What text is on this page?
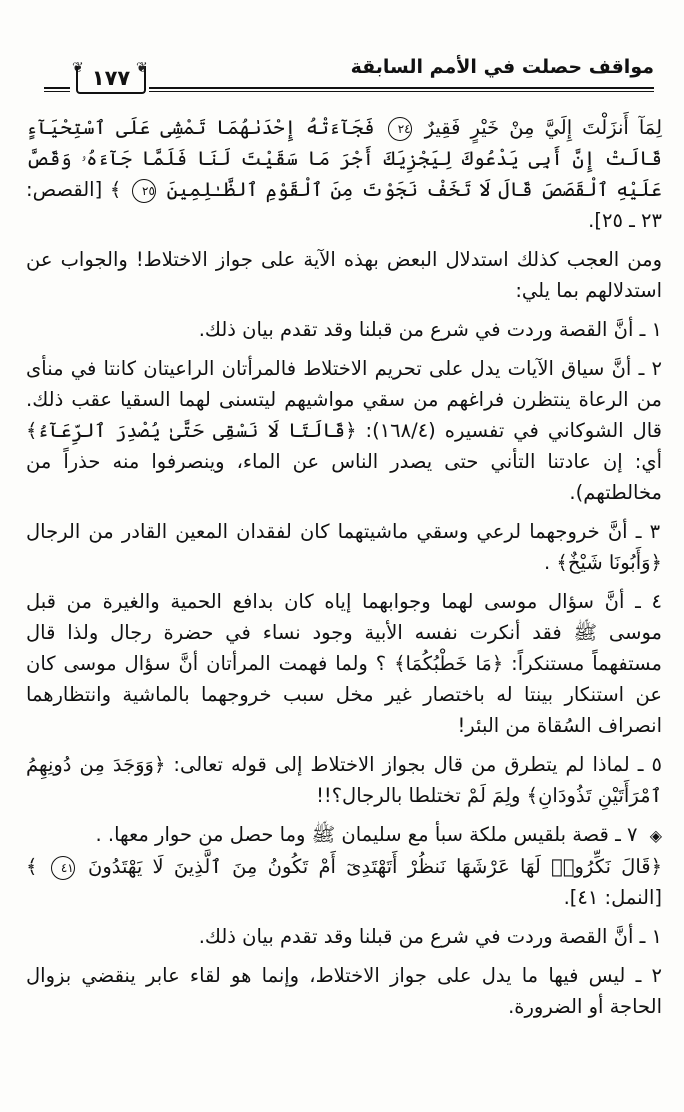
مواقف حصلت في الأمم السابقة
❦ ١٧٧ ❦

لِمَآ أَنزَلْتَ إِلَيَّ مِنْ خَيْرٍ فَقِيرٌ ٢٤ فَجَآءَتْهُ إِحْدَىٰهُمَا تَمْشِى عَلَى ٱسْتِحْيَآءٍ قَالَتْ إِنَّ أَبِى يَدْعُوكَ لِيَجْزِيَكَ أَجْرَ مَا سَقَيْتَ لَنَا فَلَمَّا جَآءَهُۥ وَقَصَّ عَلَيْهِ ٱلْقَصَصَ قَالَ لَا تَخَفْ نَجَوْتَ مِنَ ٱلْقَوْمِ ٱلظَّـٰلِمِينَ ٢٥ ﴾ [القصص: ٢٣ ـ ٢٥].

ومن العجب كذلك استدلال البعض بهذه الآية على جواز الاختلاط! والجواب عن استدلالهم بما يلي:

١ ـ أنَّ القصة وردت في شرع من قبلنا وقد تقدم بيان ذلك.

٢ ـ أنَّ سياق الآيات يدل على تحريم الاختلاط فالمرأتان الراعيتان كانتا في منأى من الرعاة ينتظرن فراغهم من سقي مواشيهم ليتسنى لهما السقيا عقب ذلك. قال الشوكاني في تفسيره (١٦٨/٤): ﴿قَالَتَا لَا نَسْقِى حَتَّىٰ يُصْدِرَ ٱلرِّعَآءُ﴾ أي: إن عادتنا التأني حتى يصدر الناس عن الماء، وينصرفوا منه حذراً من مخالطتهم).

٣ ـ أنَّ خروجهما لرعي وسقي ماشيتهما كان لفقدان المعين القادر من الرجال ﴿وَأَبُونَا شَيْخٌ﴾ .

٤ ـ أنَّ سؤال موسى لهما وجوابهما إياه كان بدافع الحمية والغيرة من قبل موسى ﷺ فقد أنكرت نفسه الأبية وجود نساء في حضرة رجال ولذا قال مستفهماً مستنكراً: ﴿مَا خَطْبُكُمَا﴾ ؟ ولما فهمت المرأتان أنَّ سؤال موسى كان عن استنكار بينتا له باختصار غير مخل سبب خروجهما بالماشية وانتظارهما انصراف السُقاة من البئر!

٥ ـ لماذا لم يتطرق من قال بجواز الاختلاط إلى قوله تعالى: ﴿وَوَجَدَ مِن دُونِهِمُ ٱمْرَأَتَيْنِ تَذُودَانِ﴾ ولِمَ لَمْ تختلطا بالرجال؟!!

◈ ٧ ـ قصة بلقيس ملكة سبأ مع سليمان ﷺ وما حصل من حوار معها. .
﴿قَالَ نَكِّرُوا۟ لَهَا عَرْشَهَا نَنظُرْ أَتَهْتَدِىٓ أَمْ تَكُونُ مِنَ ٱلَّذِينَ لَا يَهْتَدُونَ ٤١ ﴾ [النمل: ٤١].

١ ـ أنَّ القصة وردت في شرع من قبلنا وقد تقدم بيان ذلك.

٢ ـ ليس فيها ما يدل على جواز الاختلاط، وإنما هو لقاء عابر ينقضي بزوال الحاجة أو الضرورة.
